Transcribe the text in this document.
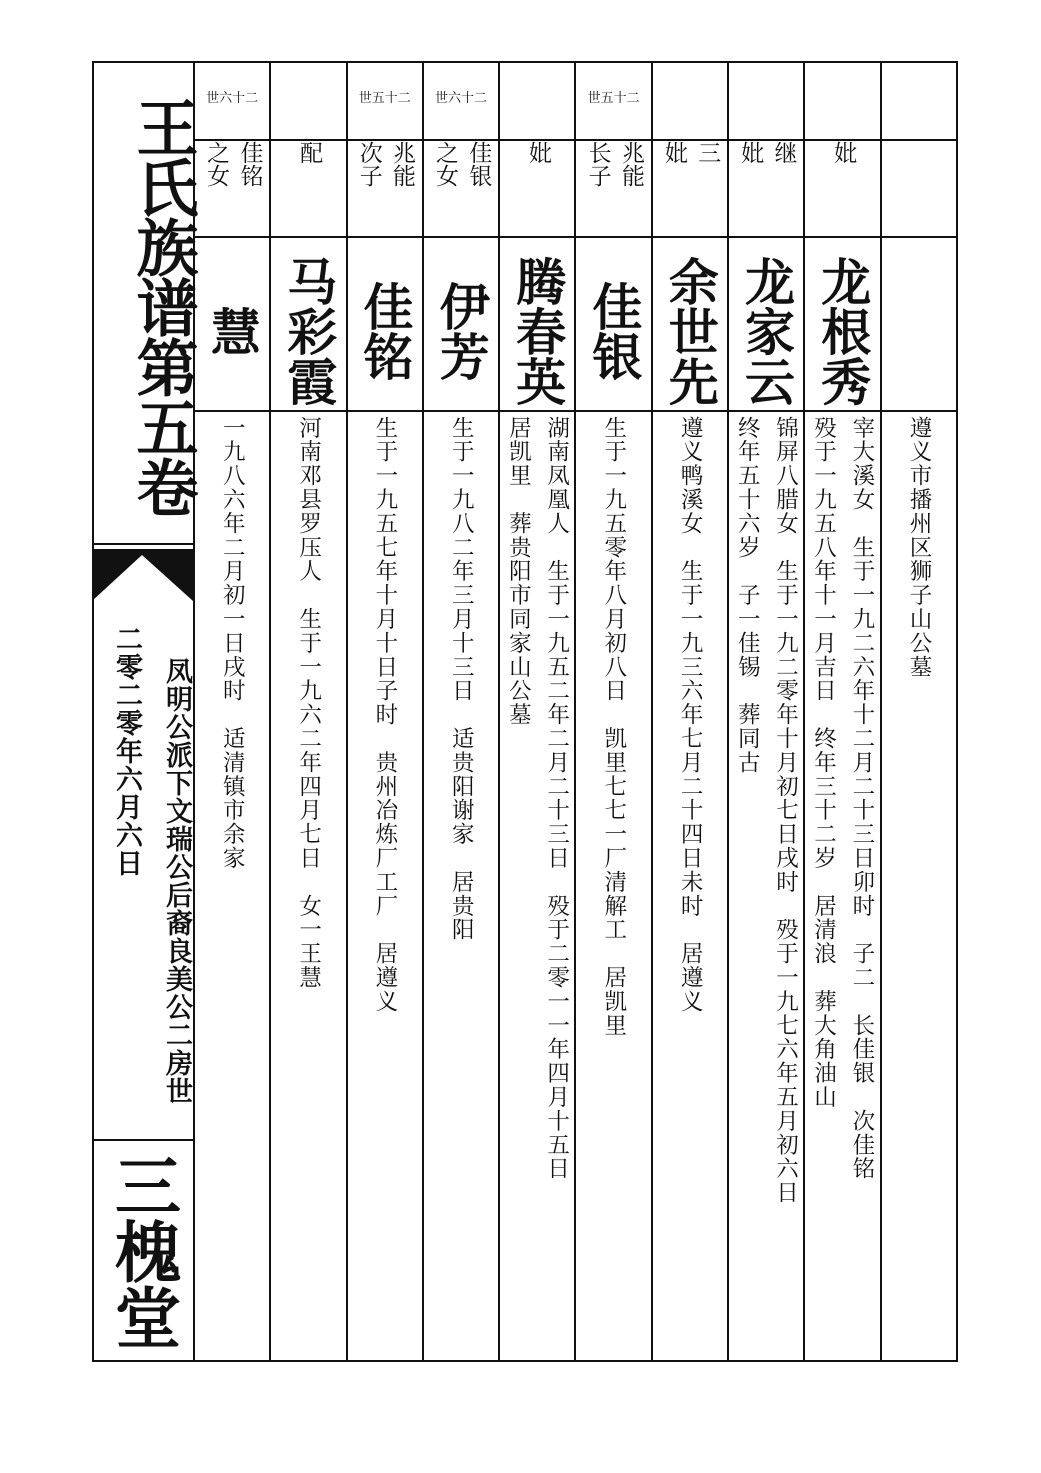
王氏族谱第五卷
凤明公派下文瑞公后裔良美公二房世
二零二零年六月六日
三槐堂
遵义市播州区狮子山公墓
妣
龙根秀
宰大溪女　生于一九二六年十二月二十三日卯时　子二　长佳银　次佳铭
殁于一九五八年十一月吉日　终年三十二岁　居清浪　葬大角油山
继
妣
龙家云
锦屏八腊女　生于一九二零年十月初七日戌时　殁于一九七六年五月初六日
终年五十六岁　子一佳锡　葬同古
三
妣
余世先
遵义鸭溪女　生于一九三六年七月二十四日未时　居遵义
世五十二
兆能
长子
佳银
生于一九五零年八月初八日　凯里七七一厂清解工　居凯里
妣
腾春英
湖南凤凰人　生于一九五二年二月二十三日　殁于二零一一年四月十五日
居凯里　葬贵阳市同家山公墓
世六十二
佳银
之女
伊芳
生于一九八二年三月十三日　适贵阳谢家　居贵阳
世五十二
兆能
次子
佳铭
生于一九五七年十月十日子时　贵州冶炼厂工厂　居遵义
配
马彩霞
河南邓县罗压人　生于一九六二年四月七日　女一王慧
世六十二
佳铭
之女
慧
一九八六年二月初一日戌时　适清镇市余家
